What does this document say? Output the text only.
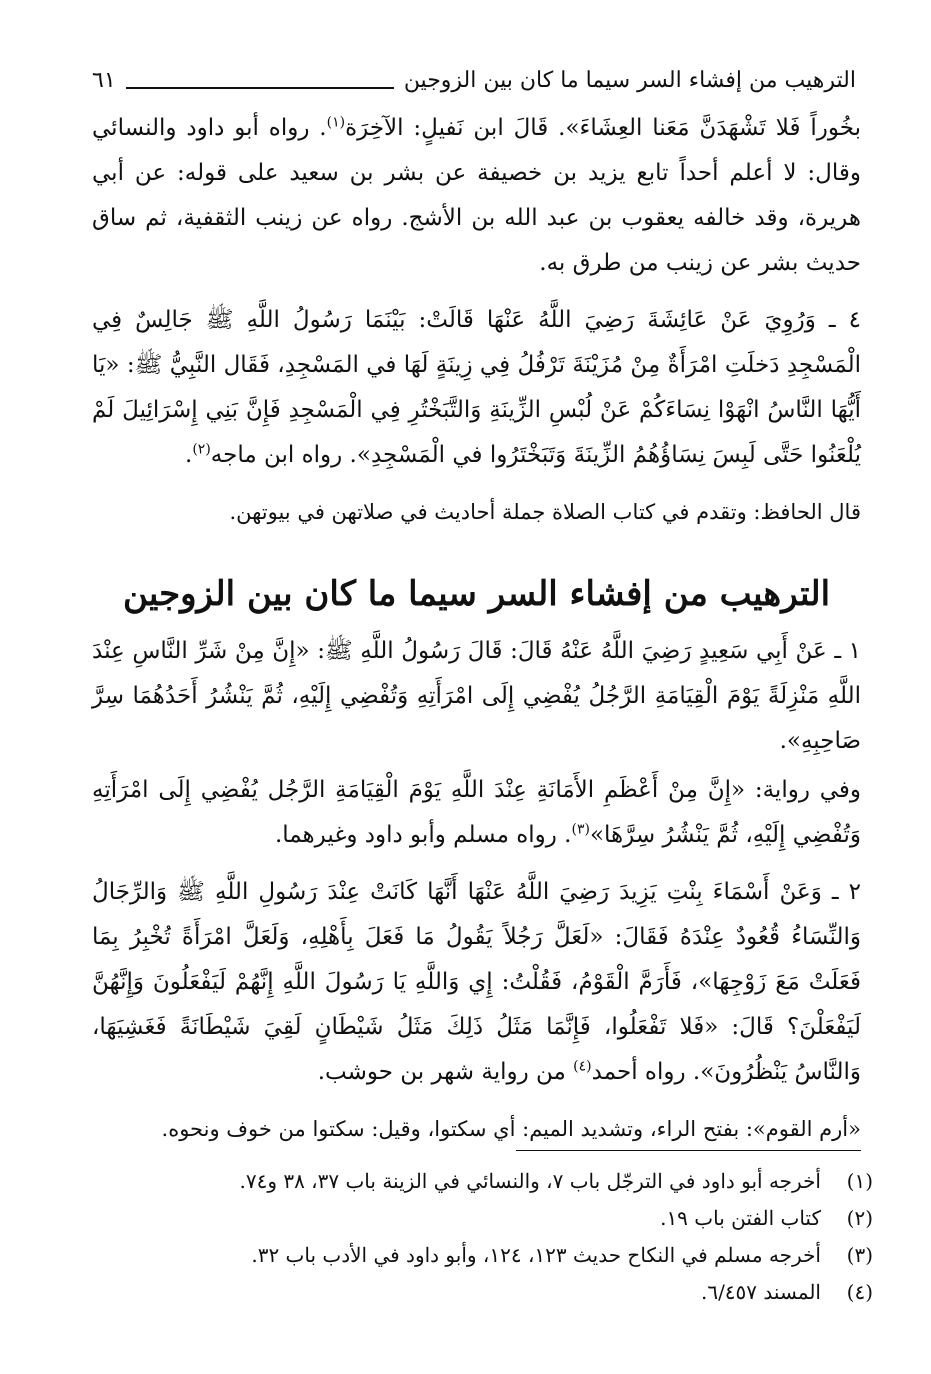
الترهيب من إفشاء السر سيما ما كان بين الزوجين
٦١

بخُوراً فَلا تَشْهَدَنَّ مَعَنا العِشَاءَ». قَالَ ابن نَفيلٍ: الآخِرَة$^{(١)}$. رواه أبو داود والنسائي وقال: لا أعلم أحداً تابع يزيد بن خصيفة عن بشر بن سعيد على قوله: عن أبي هريرة، وقد خالفه يعقوب بن عبد الله بن الأشج. رواه عن زينب الثقفية، ثم ساق حديث بشر عن زينب من طرق به.

٤ ـ وَرُوِيَ عَنْ عَائِشَةَ رَضِيَ اللَّهُ عَنْهَا قَالَتْ: بَيْنَمَا رَسُولُ اللَّهِ ﷺ جَالِسٌ فِي الْمَسْجِدِ دَخلَتِ امْرَأَةٌ مِنْ مُزَيْنَةَ تَرْفُلُ فِي زِينَةٍ لَهَا في المَسْجِدِ، فَقَال النَّبِيُّ ﷺ: «يَا أَيُّهَا النَّاسُ انْهَوْا نِسَاءَكُمْ عَنْ لُبْسِ الزِّينَةِ وَالتَّبَخْتُرِ فِي الْمَسْجِدِ فَإِنَّ بَنِي إِسْرَائِيلَ لَمْ يُلْعَنُوا حَتَّى لَبِسَ نِسَاؤُهُمُ الزِّينَةَ وَتَبَخْتَرُوا في الْمَسْجِدِ». رواه ابن ماجه$^{(٢)}$.

قال الحافظ: وتقدم في كتاب الصلاة جملة أحاديث في صلاتهن في بيوتهن.

الترهيب من إفشاء السر سيما ما كان بين الزوجين

١ ـ عَنْ أَبِي سَعِيدٍ رَضِيَ اللَّهُ عَنْهُ قَالَ: قَالَ رَسُولُ اللَّهِ ﷺ: «إِنَّ مِنْ شَرِّ النَّاسِ عِنْدَ اللَّهِ مَنْزِلَةً يَوْمَ الْقِيَامَةِ الرَّجُلُ يُفْضِي إِلَى امْرَأَتِهِ وَتُفْضِي إِلَيْهِ، ثُمَّ يَنْشُرُ أَحَدُهُمَا سِرَّ صَاحِبِهِ».

وفي رواية: «إِنَّ مِنْ أَعْظَمِ الأَمَانَةِ عِنْدَ اللَّهِ يَوْمَ الْقِيَامَةِ الرَّجُل يُفْضِي إِلَى امْرَأَتِهِ وَتُفْضِي إِلَيْهِ، ثُمَّ يَنْشُرُ سِرَّهَا»$^{(٣)}$. رواه مسلم وأبو داود وغيرهما.

٢ ـ وَعَنْ أَسْمَاءَ بِنْتِ يَزِيدَ رَضِيَ اللَّهُ عَنْهَا أَنَّهَا كَانَتْ عِنْدَ رَسُولِ اللَّهِ ﷺ وَالرِّجَالُ وَالنِّسَاءُ قُعُودٌ عِنْدَهُ فَقَالَ: «لَعَلَّ رَجُلاً يَقُولُ مَا فَعَلَ بِأَهْلِهِ، وَلَعَلَّ امْرَأَةً تُخْبِرُ بِمَا فَعَلَتْ مَعَ زَوْجِهَا»، فَأَرَمَّ الْقَوْمُ، فَقُلْتُ: إِي وَاللَّهِ يَا رَسُولَ اللَّهِ إِنَّهُمْ لَيَفْعَلُونَ وَإِنَّهُنَّ لَيَفْعَلْنَ؟ قَالَ: «فَلا تَفْعَلُوا، فَإِنَّمَا مَثَلُ ذَلِكَ مَثَلُ شَيْطَانٍ لَقِيَ شَيْطَانَةً فَغَشِيَهَا، وَالنَّاسُ يَنْظُرُونَ». رواه أحمد$^{(٤)}$ من رواية شهر بن حوشب.

«أرم القوم»: بفتح الراء، وتشديد الميم: أي سكتوا، وقيل: سكتوا من خوف ونحوه.

(١)
أخرجه أبو داود في الترجّل باب ٧، والنسائي في الزينة باب ٣٧، ٣٨ و٧٤.
(٢)
كتاب الفتن باب ١٩.
(٣)
أخرجه مسلم في النكاح حديث ١٢٣، ١٢٤، وأبو داود في الأدب باب ٣٢.
(٤)
المسند ٦/٤٥٧.
